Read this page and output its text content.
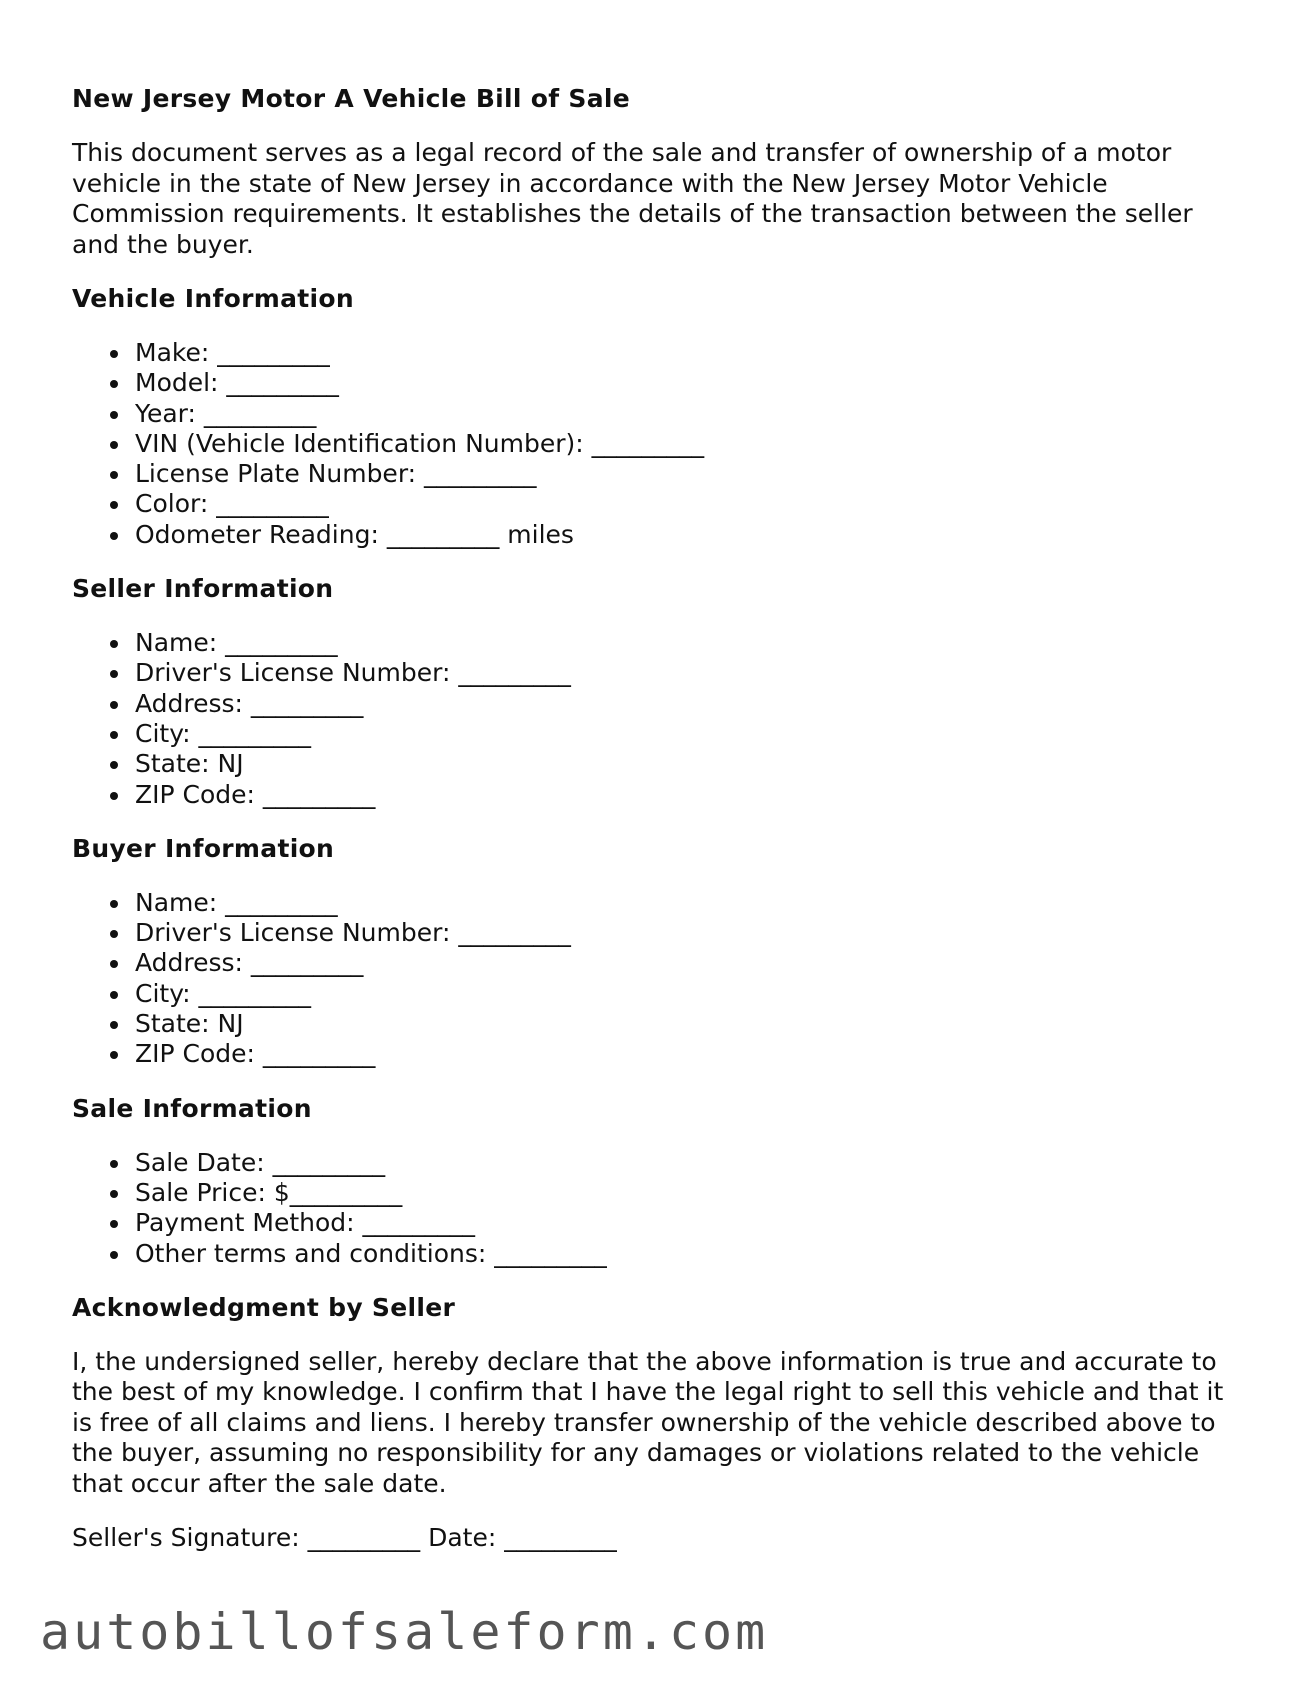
New Jersey Motor A Vehicle Bill of Sale

This document serves as a legal record of the sale and transfer of ownership of a motor vehicle in the state of New Jersey in accordance with the New Jersey Motor Vehicle Commission requirements. It establishes the details of the transaction between the seller and the buyer.

Vehicle Information
Make: _________
Model: _________
Year: _________
VIN (Vehicle Identification Number): _________
License Plate Number: _________
Color: _________
Odometer Reading: _________ miles
Seller Information
Name: _________
Driver's License Number: _________
Address: _________
City: _________
State: NJ
ZIP Code: _________
Buyer Information
Name: _________
Driver's License Number: _________
Address: _________
City: _________
State: NJ
ZIP Code: _________
Sale Information
Sale Date: _________
Sale Price: $_________
Payment Method: _________
Other terms and conditions: _________
Acknowledgment by Seller

I, the undersigned seller, hereby declare that the above information is true and accurate to the best of my knowledge. I confirm that I have the legal right to sell this vehicle and that it is free of all claims and liens. I hereby transfer ownership of the vehicle described above to the buyer, assuming no responsibility for any damages or violations related to the vehicle that occur after the sale date.

Seller's Signature: _________ Date: _________
autobillofsaleform.com
